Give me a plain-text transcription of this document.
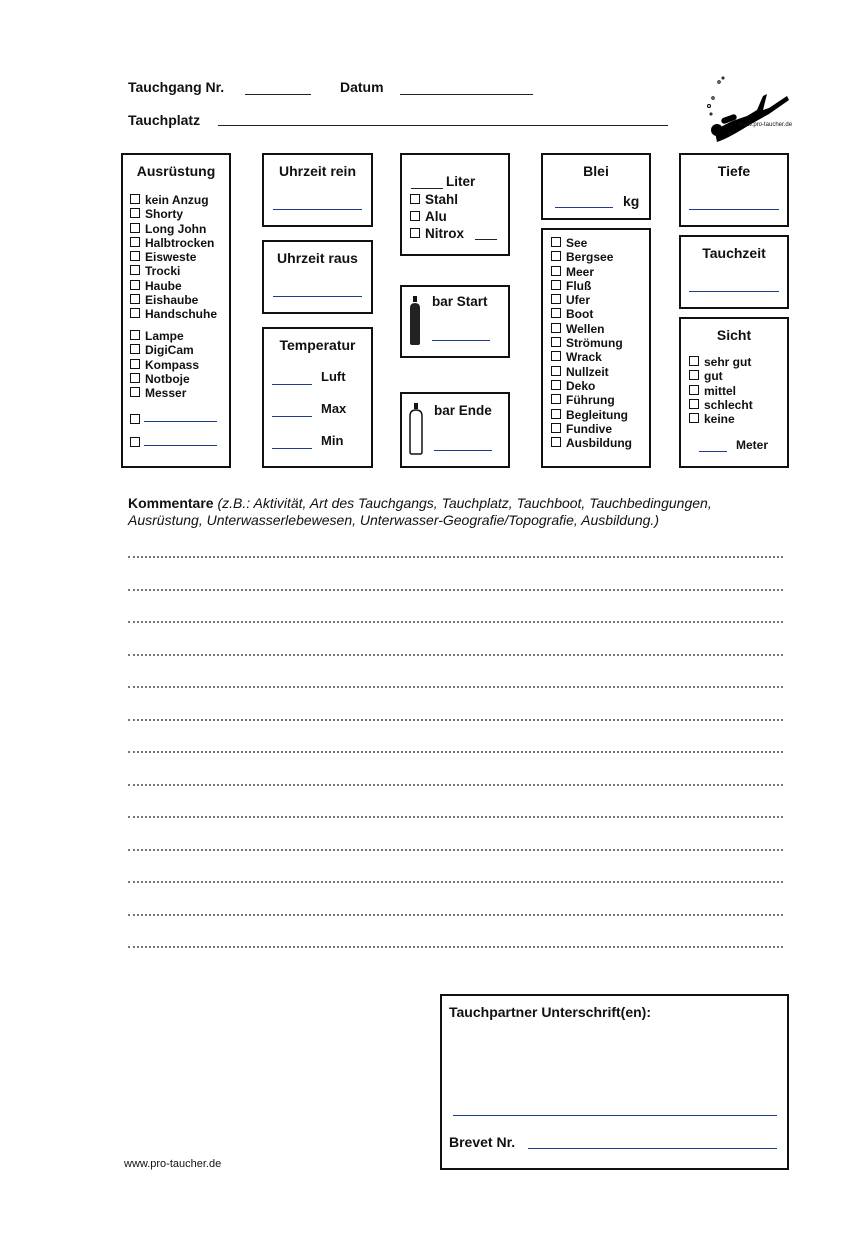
Tauchgang Nr.	Datum
Tauchplatz	www.pro-taucher.de
Ausrüstung
kein Anzug
Shorty
Long John
Halbtrocken
Eisweste
Trocki
Haube
Eishaube
Handschuhe
Lampe
DigiCam
Kompass
Notboje
Messer
Uhrzeit rein
Uhrzeit raus
Temperatur
Luft
Max
Min
Liter
Stahl
Alu
Nitrox
bar Start
bar Ende
Blei
kg
See
Bergsee
Meer
Fluß
Ufer
Boot
Wellen
Strömung
Wrack
Nullzeit
Deko
Führung
Begleitung
Fundive
Ausbildung
Tiefe
Tauchzeit
Sicht
sehr gut
gut
mittel
schlecht
keine
Meter
Kommentare (z.B.: Aktivität, Art des Tauchgangs, Tauchplatz, Tauchboot, Tauchbedingungen,
Ausrüstung, Unterwasserlebewesen, Unterwasser-Geografie/Topografie, Ausbildung.)
Tauchpartner Unterschrift(en):
Brevet Nr.
www.pro-taucher.de
